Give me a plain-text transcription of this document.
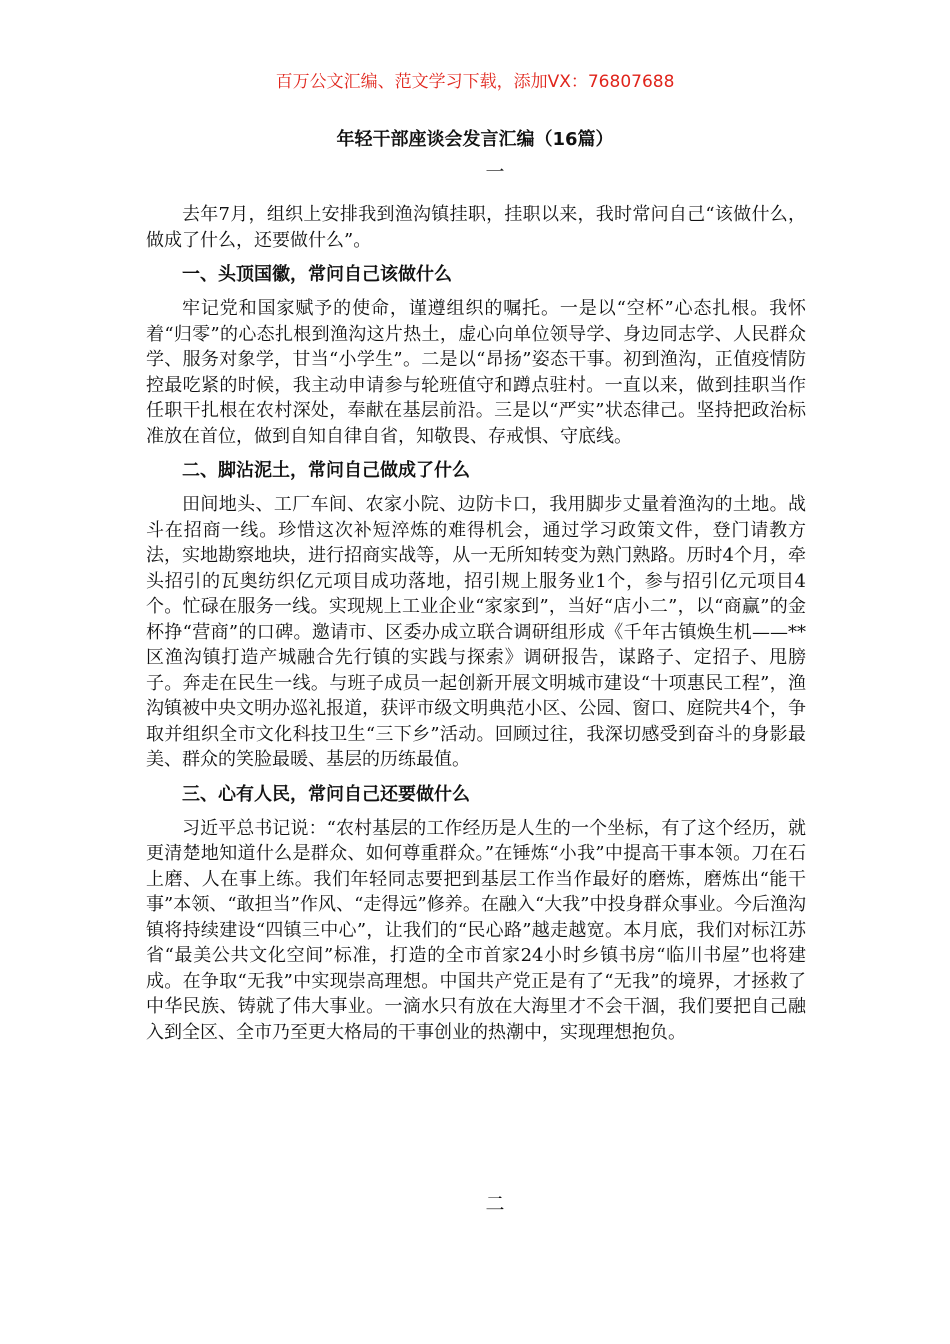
百万公文汇编、范文学习下载，添加VX：76807688
年轻干部座谈会发言汇编（16篇）
一

去年7月，组织上安排我到渔沟镇挂职，挂职以来，我时常问自己“该做什么，做成了什么，还要做什么”。

一、头顶国徽，常问自己该做什么

牢记党和国家赋予的使命，谨遵组织的嘱托。一是以“空杯”心态扎根。我怀着“归零”的心态扎根到渔沟这片热土，虚心向单位领导学、身边同志学、人民群众学、服务对象学，甘当“小学生”。二是以“昂扬”姿态干事。初到渔沟，正值疫情防控最吃紧的时候，我主动申请参与轮班值守和蹲点驻村。一直以来，做到挂职当作任职干扎根在农村深处，奉献在基层前沿。三是以“严实”状态律己。坚持把政治标准放在首位，做到自知自律自省，知敬畏、存戒惧、守底线。

二、脚沾泥土，常问自己做成了什么

田间地头、工厂车间、农家小院、边防卡口，我用脚步丈量着渔沟的土地。战斗在招商一线。珍惜这次补短淬炼的难得机会，通过学习政策文件，登门请教方法，实地勘察地块，进行招商实战等，从一无所知转变为熟门熟路。历时4个月，牵头招引的瓦奥纺织亿元项目成功落地，招引规上服务业1个，参与招引亿元项目4个。忙碌在服务一线。实现规上工业企业“家家到”，当好“店小二”，以“商赢”的金杯挣“营商”的口碑。邀请市、区委办成立联合调研组形成《千年古镇焕生机——**区渔沟镇打造产城融合先行镇的实践与探索》调研报告，谋路子、定招子、甩膀子。奔走在民生一线。与班子成员一起创新开展文明城市建设“十项惠民工程”，渔沟镇被中央文明办巡礼报道，获评市级文明典范小区、公园、窗口、庭院共4个，争取并组织全市文化科技卫生“三下乡”活动。回顾过往，我深切感受到奋斗的身影最美、群众的笑脸最暖、基层的历练最值。

三、心有人民，常问自己还要做什么

习近平总书记说：“农村基层的工作经历是人生的一个坐标，有了这个经历，就更清楚地知道什么是群众、如何尊重群众。”在锤炼“小我”中提高干事本领。刀在石上磨、人在事上练。我们年轻同志要把到基层工作当作最好的磨炼，磨炼出“能干事”本领、“敢担当”作风、“走得远”修养。在融入“大我”中投身群众事业。今后渔沟镇将持续建设“四镇三中心”，让我们的“民心路”越走越宽。本月底，我们对标江苏省“最美公共文化空间”标准，打造的全市首家24小时乡镇书房“临川书屋”也将建成。在争取“无我”中实现崇高理想。中国共产党正是有了“无我”的境界，才拯救了中华民族、铸就了伟大事业。一滴水只有放在大海里才不会干涸，我们要把自己融入到全区、全市乃至更大格局的干事创业的热潮中，实现理想抱负。

二
